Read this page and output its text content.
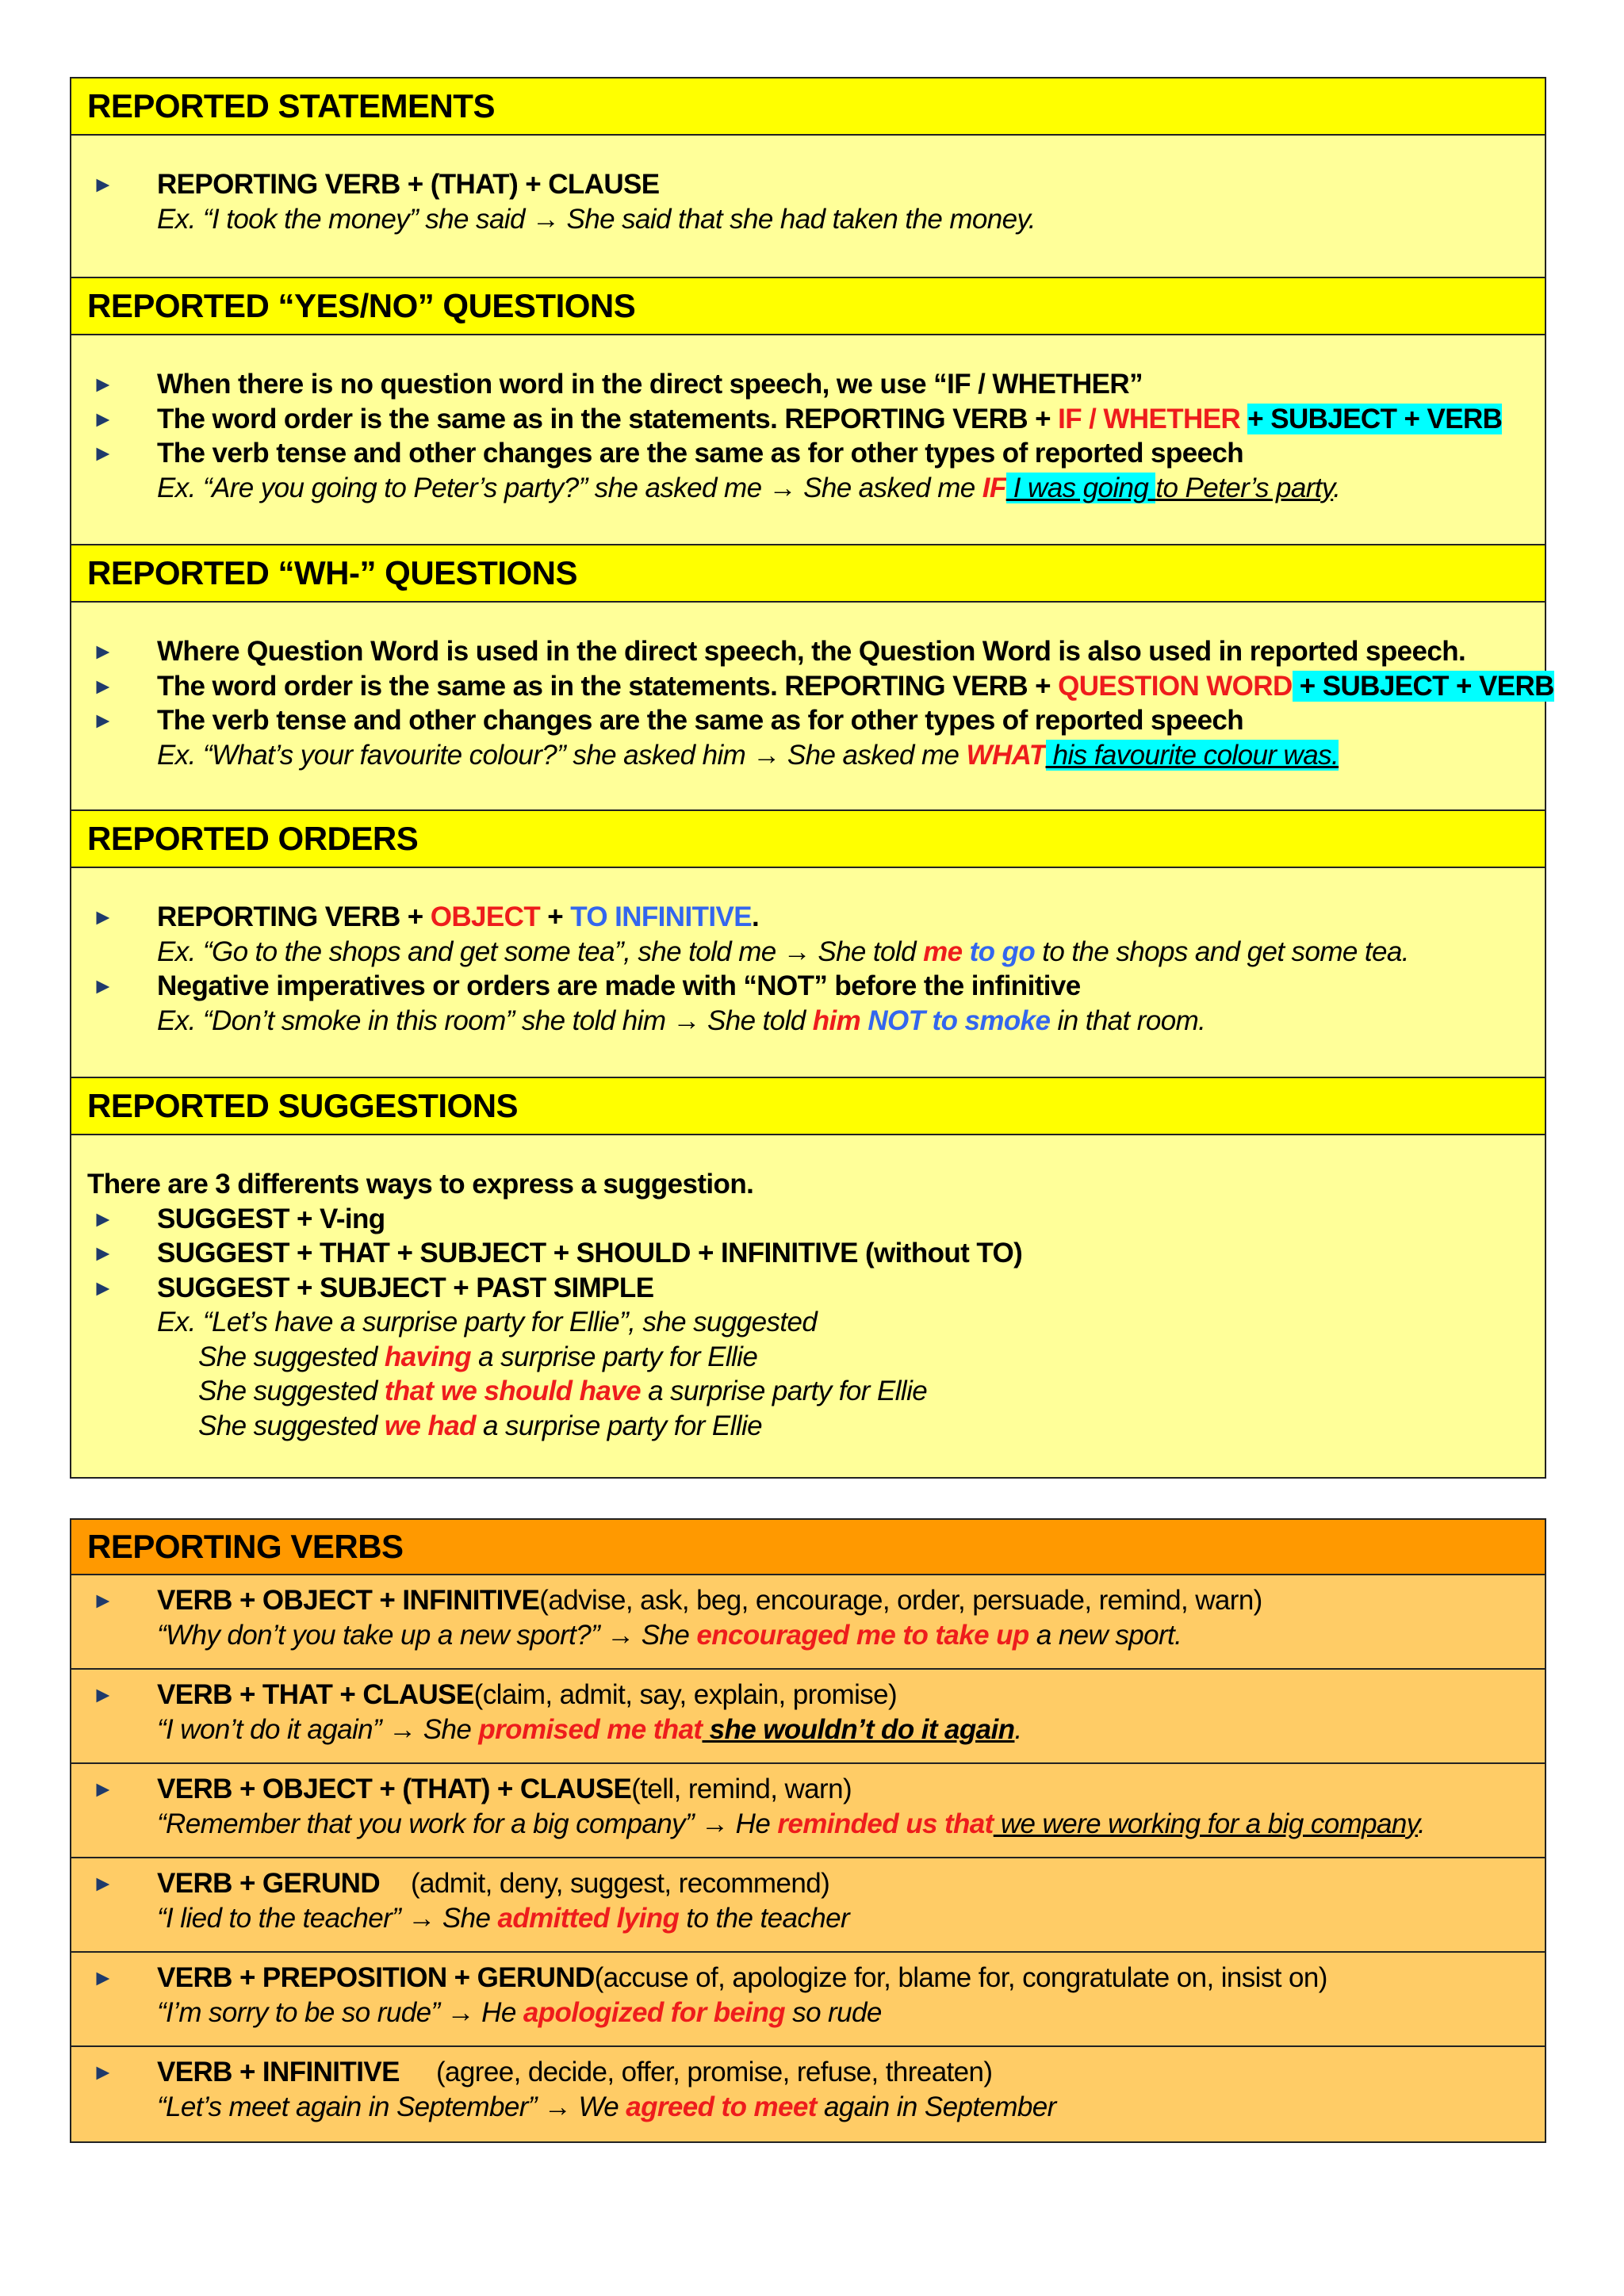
REPORTED STATEMENTS
► REPORTING VERB + (THAT) + CLAUSE
Ex. “I took the money” she said → She said that she had taken the money.
REPORTED “YES/NO” QUESTIONS
► When there is no question word in the direct speech, we use “IF / WHETHER”
► The word order is the same as in the statements. REPORTING VERB + IF / WHETHER + SUBJECT + VERB
► The verb tense and other changes are the same as for other types of reported speech
Ex. “Are you going to Peter’s party?” she asked me → She asked me IF I was going to Peter’s party.
REPORTED “WH-” QUESTIONS
► Where Question Word is used in the direct speech, the Question Word is also used in reported speech.
► The word order is the same as in the statements. REPORTING VERB + QUESTION WORD + SUBJECT + VERB
► The verb tense and other changes are the same as for other types of reported speech
Ex. “What’s your favourite colour?” she asked him → She asked me WHAT his favourite colour was.
REPORTED ORDERS
► REPORTING VERB + OBJECT + TO INFINITIVE.
Ex. “Go to the shops and get some tea”, she told me → She told me to go to the shops and get some tea.
► Negative imperatives or orders are made with “NOT” before the infinitive
Ex. “Don’t smoke in this room” she told him → She told him NOT to smoke in that room.
REPORTED SUGGESTIONS
There are 3 differents ways to express a suggestion.
► SUGGEST + V-ing
► SUGGEST + THAT + SUBJECT + SHOULD + INFINITIVE (without TO)
► SUGGEST + SUBJECT + PAST SIMPLE
Ex. “Let’s have a surprise party for Ellie”, she suggested
She suggested having a surprise party for Ellie
She suggested that we should have a surprise party for Ellie
She suggested we had a surprise party for Ellie
REPORTING VERBS
► VERB + OBJECT + INFINITIVE(advise, ask, beg, encourage, order, persuade, remind, warn)
“Why don’t you take up a new sport?” → She encouraged me to take up a new sport.
► VERB + THAT + CLAUSE(claim, admit, say, explain, promise)
“I won’t do it again” → She promised me that she wouldn’t do it again.
► VERB + OBJECT + (THAT) + CLAUSE(tell, remind, warn)
“Remember that you work for a big company” → He reminded us that we were working for a big company.
► VERB + GERUND (admit, deny, suggest, recommend)
“I lied to the teacher” → She admitted lying to the teacher
► VERB + PREPOSITION + GERUND(accuse of, apologize for, blame for, congratulate on, insist on)
“I’m sorry to be so rude” → He apologized for being so rude
► VERB + INFINITIVE (agree, decide, offer, promise, refuse, threaten)
“Let’s meet again in September” → We agreed to meet again in September
